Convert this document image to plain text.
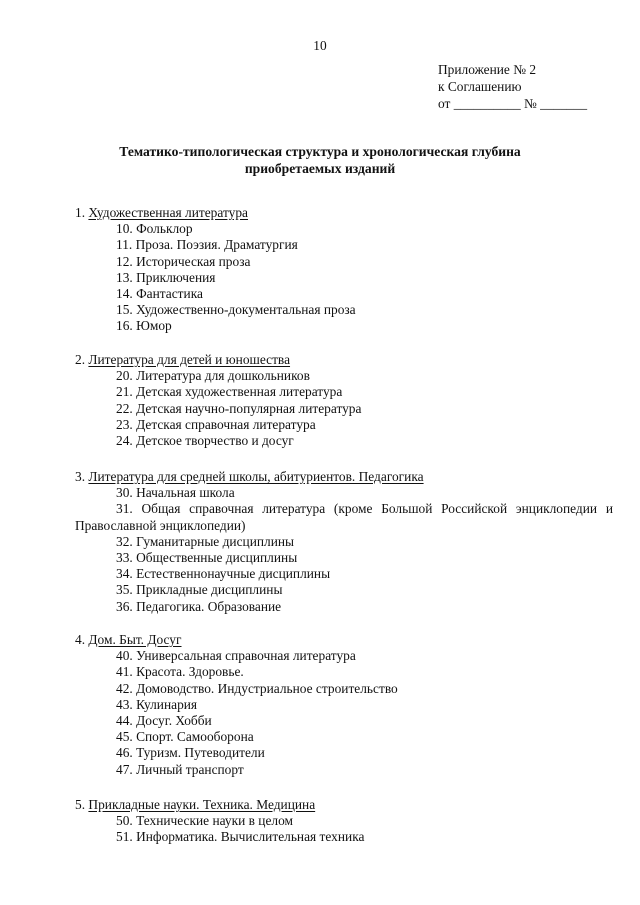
10
Приложение № 2
к Соглашению
от __________ № _______
Тематико-типологическая структура и хронологическая глубина
приобретаемых изданий
1. Художественная литература
10. Фольклор
11. Проза. Поэзия. Драматургия
12. Историческая проза
13. Приключения
14. Фантастика
15. Художественно-документальная проза
16. Юмор
2. Литература для детей и юношества
20. Литература для дошкольников
21. Детская художественная литература
22. Детская научно-популярная литература
23. Детская справочная литература
24. Детское творчество и досуг
3. Литература для средней школы, абитуриентов. Педагогика
30. Начальная школа
31. Общая справочная литература (кроме Большой Российской энциклопедии и Православной энциклопедии)
32. Гуманитарные дисциплины
33. Общественные дисциплины
34. Естественнонаучные дисциплины
35. Прикладные дисциплины
36. Педагогика. Образование
4. Дом. Быт. Досуг
40. Универсальная справочная литература
41. Красота. Здоровье.
42. Домоводство. Индустриальное строительство
43. Кулинария
44. Досуг. Хобби
45. Спорт. Самооборона
46. Туризм. Путеводители
47. Личный транспорт
5. Прикладные науки. Техника. Медицина
50. Технические науки в целом
51. Информатика. Вычислительная техника
